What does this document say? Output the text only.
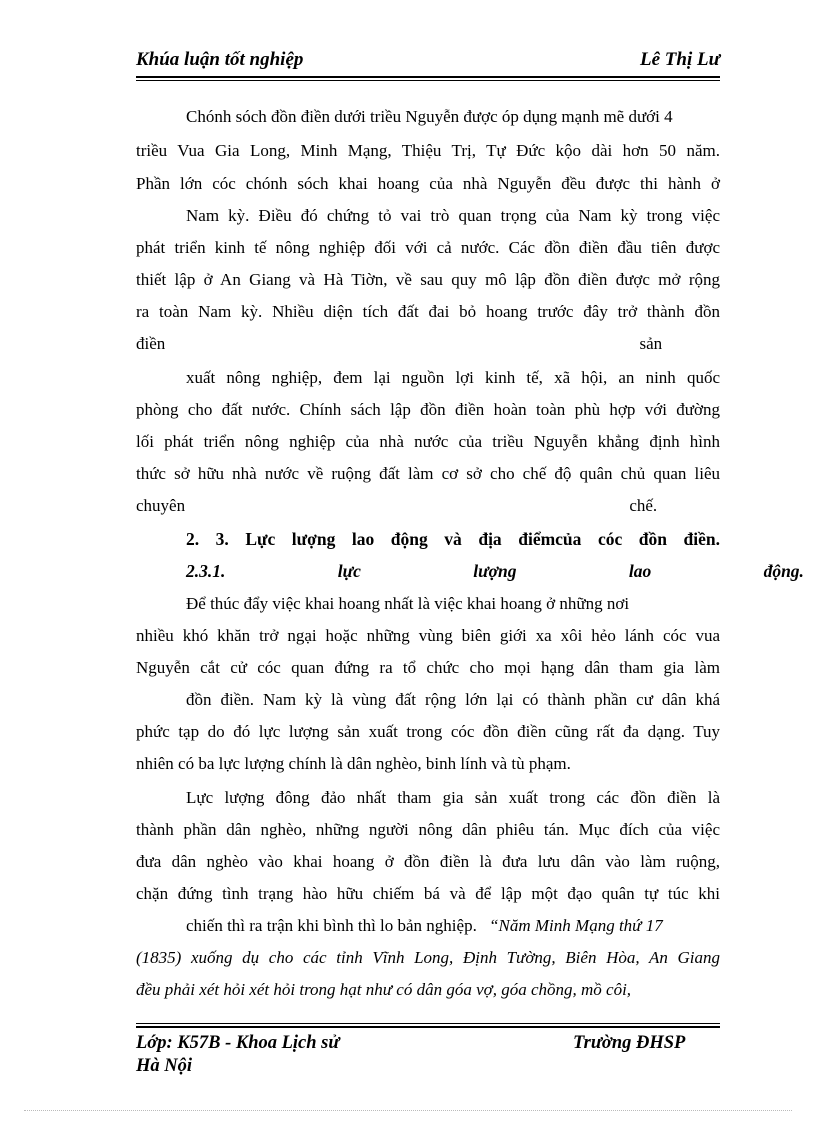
Khúa luận tốt nghiệp	Lê Thị Lư
Chónh sóch đồn điền dưới triều Nguyễn được óp dụng mạnh mẽ dưới 4
triều Vua Gia Long, Minh Mạng, Thiệu Trị, Tự Đức kộo dài hơn 50 năm.
Phần lớn cóc chónh sóch khai hoang của nhà Nguyễn đều được thi hành ở
Nam kỳ. Điều đó chứng tỏ vai trò quan trọng của Nam kỳ trong việc
phát triển kinh tế nông nghiệp đối với cả nước. Các đồn điền đầu tiên được
thiết lập ở An Giang và Hà Tiờn, về sau quy mô lập đồn điền được mở rộng
ra toàn Nam kỳ. Nhiều diện tích đất đai bỏ hoang trước đây trở thành đồn
điền sản
xuất nông nghiệp, đem lại nguồn lợi kinh tế, xã hội, an ninh quốc
phòng cho đất nước. Chính sách lập đồn điền hoàn toàn phù hợp với đường
lối phát triển nông nghiệp của nhà nước của triều Nguyễn khẳng định hình
thức sở hữu nhà nước về ruộng đất làm cơ sở cho chế độ quân chủ quan liêu
chuyên chế.
2. 3. Lực lượng lao động và địa điểmcủa cóc đồn điền.
2.3.1. lực lượng lao động.
Để thúc đẩy việc khai hoang nhất là việc khai hoang ở những nơi
nhiều khó khăn trở ngại hoặc những vùng biên giới xa xôi hẻo lánh cóc vua
Nguyễn cắt cử cóc quan đứng ra tổ chức cho mọi hạng dân tham gia làm
đồn điền. Nam kỳ là vùng đất rộng lớn lại có thành phần cư dân khá
phức tạp do đó lực lượng sản xuất trong cóc đồn điền cũng rất đa dạng. Tuy
nhiên có ba lực lượng chính là dân nghèo, binh lính và tù phạm.
Lực lượng đông đảo nhất tham gia sản xuất trong các đồn điền là
thành phần dân nghèo, những người nông dân phiêu tán. Mục đích của việc
đưa dân nghèo vào khai hoang ở đồn điền là đưa lưu dân vào làm ruộng,
chặn đứng tình trạng hào hữu chiếm bá và để lập một đạo quân tự túc khi
chiến thì ra trận khi bình thì lo bản nghiệp. “Năm Minh Mạng thứ 17
(1835) xuống dụ cho các tỉnh Vĩnh Long, Định Tường, Biên Hòa, An Giang
đều phải xét hỏi xét hỏi trong hạt như có dân góa vợ, góa chồng, mồ côi,
Lớp: K57B - Khoa Lịch sử	Trường ĐHSP
Hà Nội
